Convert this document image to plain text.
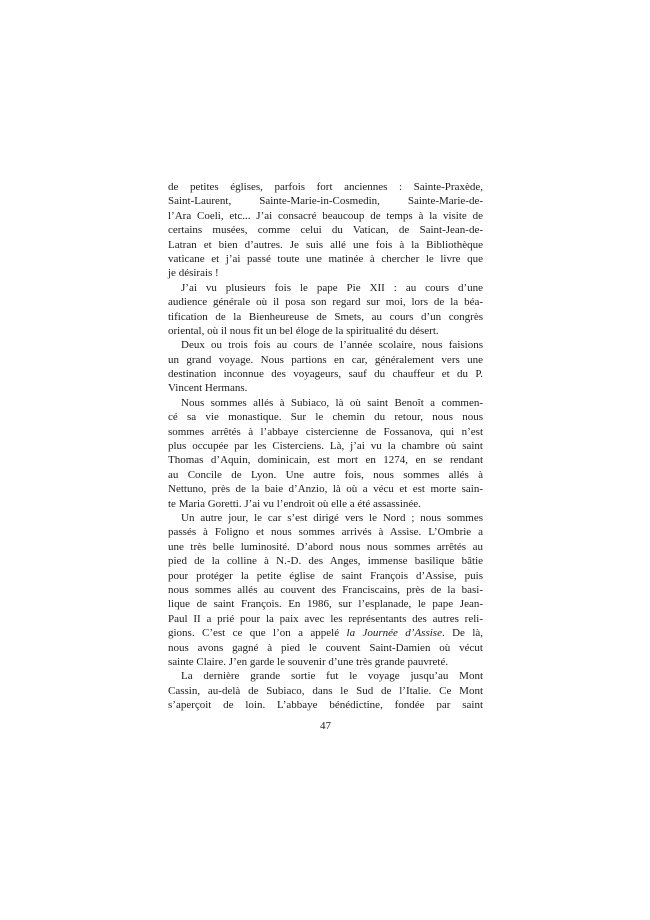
de petites églises, parfois fort anciennes : Sainte-Praxède,
Saint-Laurent, Sainte-Marie-in-Cosmedin, Sainte-Marie-de-
l’Ara Coeli, etc... J’ai consacré beaucoup de temps à la visite de
certains musées, comme celui du Vatican, de Saint-Jean-de-
Latran et bien d’autres. Je suis allé une fois à la Bibliothèque
vaticane et j’ai passé toute une matinée à chercher le livre que
je désirais !
J’ai vu plusieurs fois le pape Pie XII : au cours d’une
audience générale où il posa son regard sur moi, lors de la béa-
tification de la Bienheureuse de Smets, au cours d’un congrès
oriental, où il nous fit un bel éloge de la spiritualité du désert.
Deux ou trois fois au cours de l’année scolaire, nous faisions
un grand voyage. Nous partions en car, généralement vers une
destination inconnue des voyageurs, sauf du chauffeur et du P.
Vincent Hermans.
Nous sommes allés à Subiaco, là où saint Benoît a commen-
cé sa vie monastique. Sur le chemin du retour, nous nous
sommes arrêtés à l’abbaye cistercienne de Fossanova, qui n’est
plus occupée par les Cisterciens. Là, j’ai vu la chambre où saint
Thomas d’Aquin, dominicain, est mort en 1274, en se rendant
au Concile de Lyon. Une autre fois, nous sommes allés à
Nettuno, près de la baie d’Anzio, là où a vécu et est morte sain-
te Maria Goretti. J’ai vu l’endroit où elle a été assassinée.
Un autre jour, le car s’est dirigé vers le Nord ; nous sommes
passés à Foligno et nous sommes arrivés à Assise. L’Ombrie a
une très belle luminosité. D’abord nous nous sommes arrêtés au
pied de la colline à N.-D. des Anges, immense basilique bâtie
pour protéger la petite église de saint François d’Assise, puis
nous sommes allés au couvent des Franciscains, près de la basi-
lique de saint François. En 1986, sur l’esplanade, le pape Jean-
Paul II a prié pour la paix avec les représentants des autres reli-
gions. C’est ce que l’on a appelé la Journée d’Assise. De là,
nous avons gagné à pied le couvent Saint-Damien où vécut
sainte Claire. J’en garde le souvenir d’une très grande pauvreté.
La dernière grande sortie fut le voyage jusqu’au Mont
Cassin, au-delà de Subiaco, dans le Sud de l’Italie. Ce Mont
s’aperçoit de loin. L’abbaye bénédictine, fondée par saint
47
